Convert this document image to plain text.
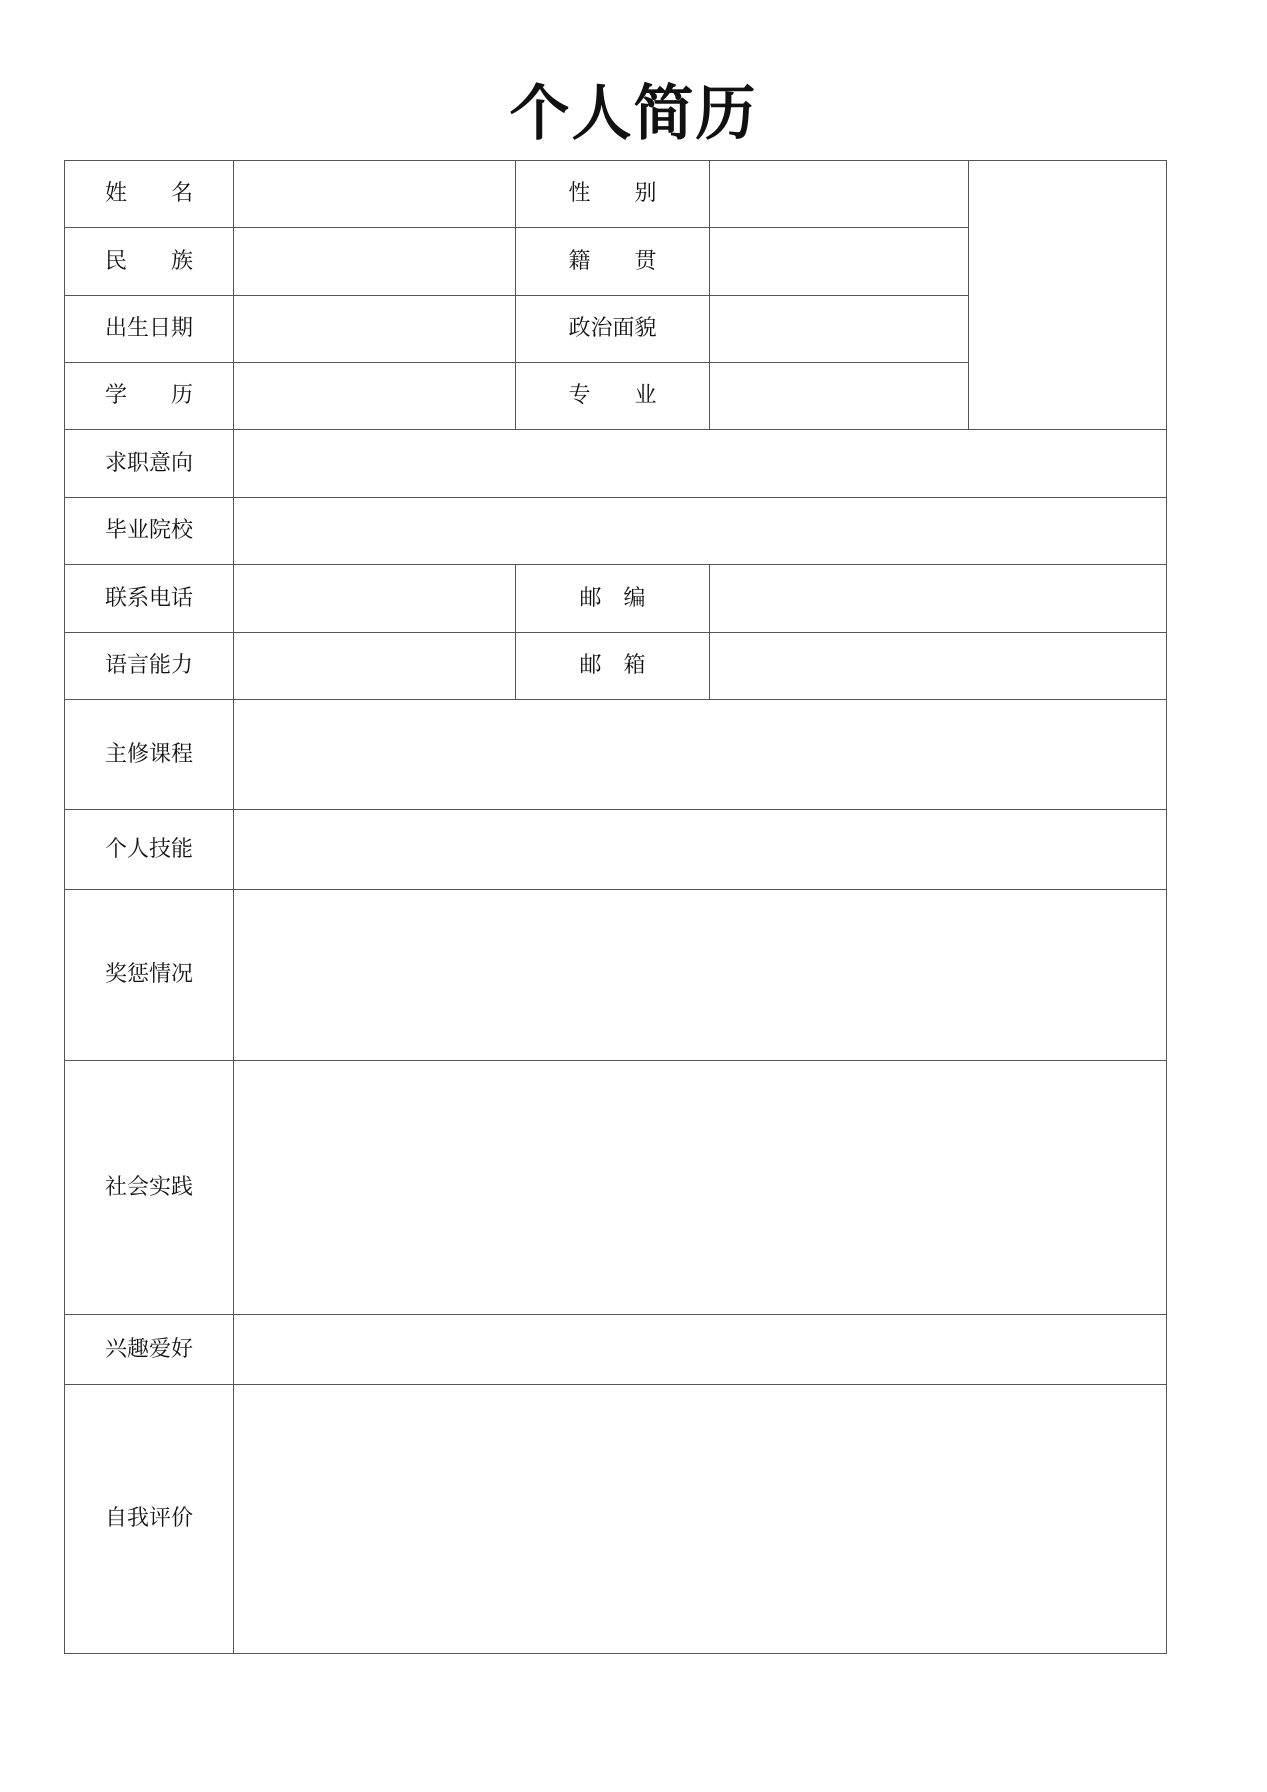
个人简历
姓　　名		性　　别		
民　　族		籍　　贯		
出生日期		政治面貌		
学　　历		专　　业		
求职意向				
毕业院校				
联系电话		邮　编		
语言能力		邮　箱		
主修课程				
个人技能				
奖惩情况				
社会实践				
兴趣爱好				
自我评价				
